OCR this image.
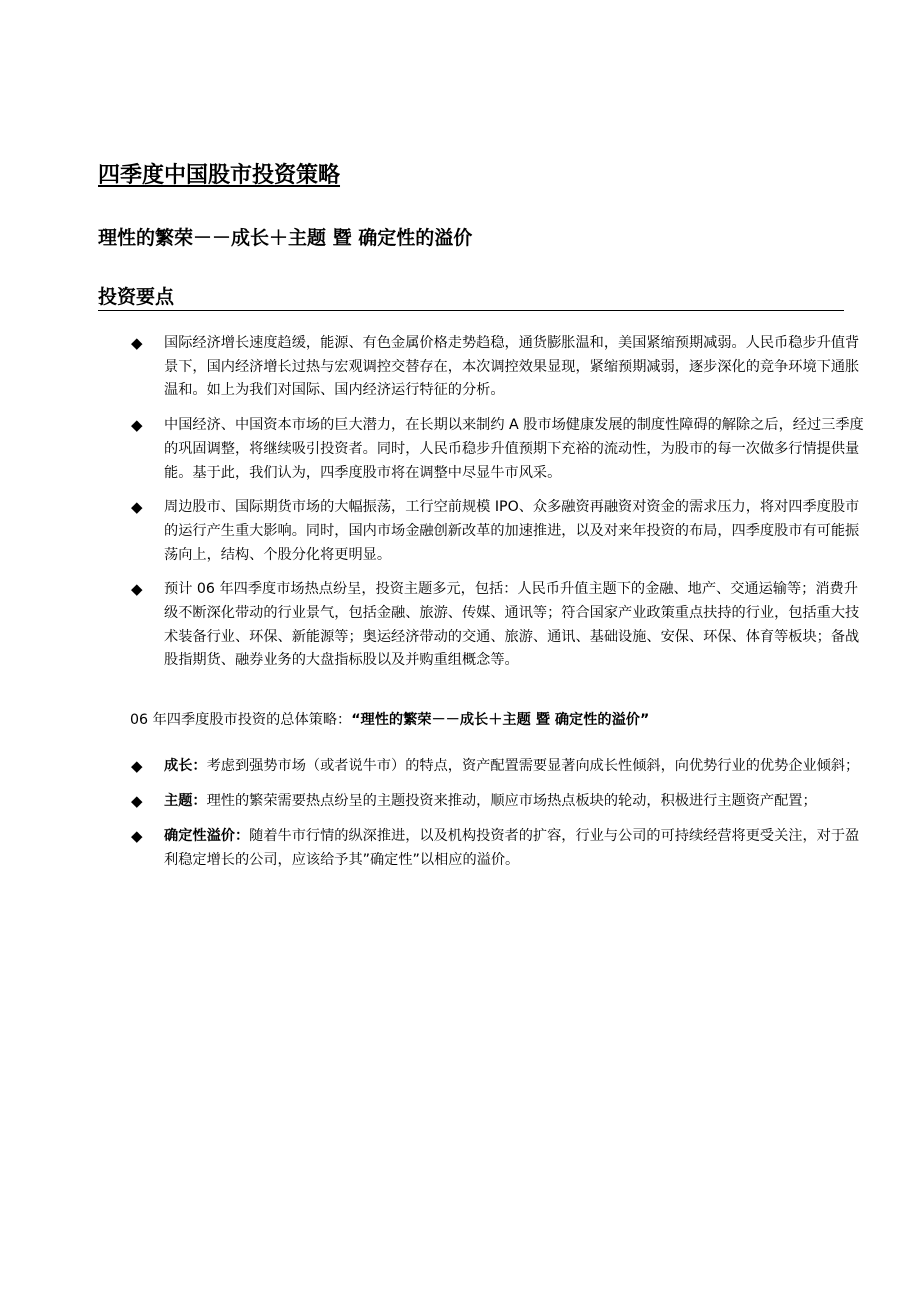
四季度中国股市投资策略
理性的繁荣－－成长＋主题 暨 确定性的溢价
投资要点
◆ 国际经济增长速度趋缓，能源、有色金属价格走势趋稳，通货膨胀温和，美国紧缩预期减弱。人民币稳步升值背景下，国内经济增长过热与宏观调控交替存在，本次调控效果显现，紧缩预期减弱，逐步深化的竞争环境下通胀温和。如上为我们对国际、国内经济运行特征的分析。
◆ 中国经济、中国资本市场的巨大潜力，在长期以来制约 A 股市场健康发展的制度性障碍的解除之后，经过三季度的巩固调整，将继续吸引投资者。同时，人民币稳步升值预期下充裕的流动性，为股市的每一次做多行情提供量能。基于此，我们认为，四季度股市将在调整中尽显牛市风采。
◆ 周边股市、国际期货市场的大幅振荡，工行空前规模 IPO、众多融资再融资对资金的需求压力，将对四季度股市的运行产生重大影响。同时，国内市场金融创新改革的加速推进，以及对来年投资的布局，四季度股市有可能振荡向上，结构、个股分化将更明显。
◆ 预计 06 年四季度市场热点纷呈，投资主题多元，包括：人民币升值主题下的金融、地产、交通运输等；消费升级不断深化带动的行业景气，包括金融、旅游、传媒、通讯等；符合国家产业政策重点扶持的行业，包括重大技术装备行业、环保、新能源等；奥运经济带动的交通、旅游、通讯、基础设施、安保、环保、体育等板块；备战股指期货、融券业务的大盘指标股以及并购重组概念等。

06 年四季度股市投资的总体策略：“理性的繁荣－－成长＋主题 暨 确定性的溢价”

◆ 成长：考虑到强势市场（或者说牛市）的特点，资产配置需要显著向成长性倾斜，向优势行业的优势企业倾斜；
◆ 主题：理性的繁荣需要热点纷呈的主题投资来推动，顺应市场热点板块的轮动，积极进行主题资产配置；
◆ 确定性溢价：随着牛市行情的纵深推进，以及机构投资者的扩容，行业与公司的可持续经营将更受关注，对于盈利稳定增长的公司，应该给予其”确定性”以相应的溢价。
